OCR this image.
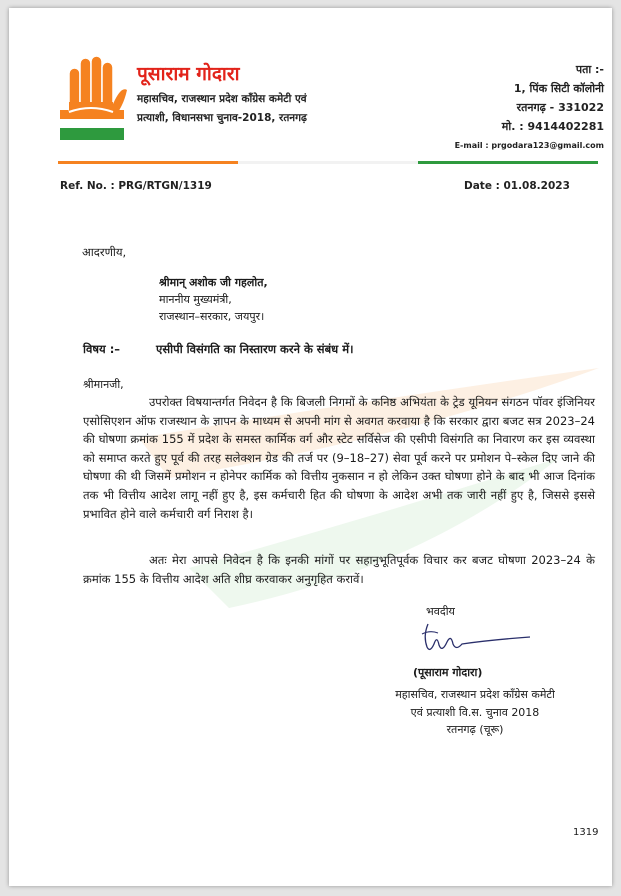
पूसाराम गोदारा
महासचिव, राजस्थान प्रदेश कॉंग्रेस कमेटी एवं
प्रत्याशी, विधानसभा चुनाव-2018, रतनगढ़
पता :-
1, पिंक सिटी कॉलोनी
रतनगढ़ - 331022
मो. : 9414402281
E-mail : prgodara123@gmail.com
Ref. No. : PRG/RTGN/1319	Date : 01.08.2023
आदरणीय,
श्रीमान् अशोक जी गहलोत,
माननीय मुख्यमंत्री,
राजस्थान–सरकार, जयपुर।
विषय :–	एसीपी विसंगति का निस्तारण करने के संबंध में।
श्रीमानजी,
उपरोक्त विषयान्तर्गत निवेदन है कि बिजली निगमों के कनिष्ठ अभियंता के ट्रेड यूनियन संगठन पॉवर इंजिनियर एसोसिएशन ऑफ राजस्थान के ज्ञापन के माध्यम से अपनी मांग से अवगत करवाया है कि सरकार द्वारा बजट सत्र 2023–24 की घोषणा क्रमांक 155 में प्रदेश के समस्त कार्मिक वर्ग और स्टेट सर्विसेज की एसीपी विसंगति का निवारण कर इस व्यवस्था को समाप्त करते हुए पूर्व की तरह सलेक्शन ग्रेड की तर्ज पर (9–18–27) सेवा पूर्व करने पर प्रमोशन पे–स्केल दिए जाने की घोषणा की थी जिसमें प्रमोशन न होनेपर कार्मिक को वित्तीय नुकसान न हो लेकिन उक्त घोषणा होने के बाद भी आज दिनांक तक भी वित्तीय आदेश लागू नहीं हुए है, इस कर्मचारी हित की घोषणा के आदेश अभी तक जारी नहीं हुए है, जिससे इससे प्रभावित होने वाले कर्मचारी वर्ग निराश है।
अतः मेरा आपसे निवेदन है कि इनकी मांगों पर सहानुभूतिपूर्वक विचार कर बजट घोषणा 2023–24 के क्रमांक 155 के वित्तीय आदेश अति शीघ्र करवाकर अनुगृहित करावें।
भवदीय
(पूसाराम गोदारा)
महासचिव, राजस्थान प्रदेश कॉंग्रेस कमेटी
एवं प्रत्याशी वि.स. चुनाव 2018
रतनगढ़ (चूरू)
1319
